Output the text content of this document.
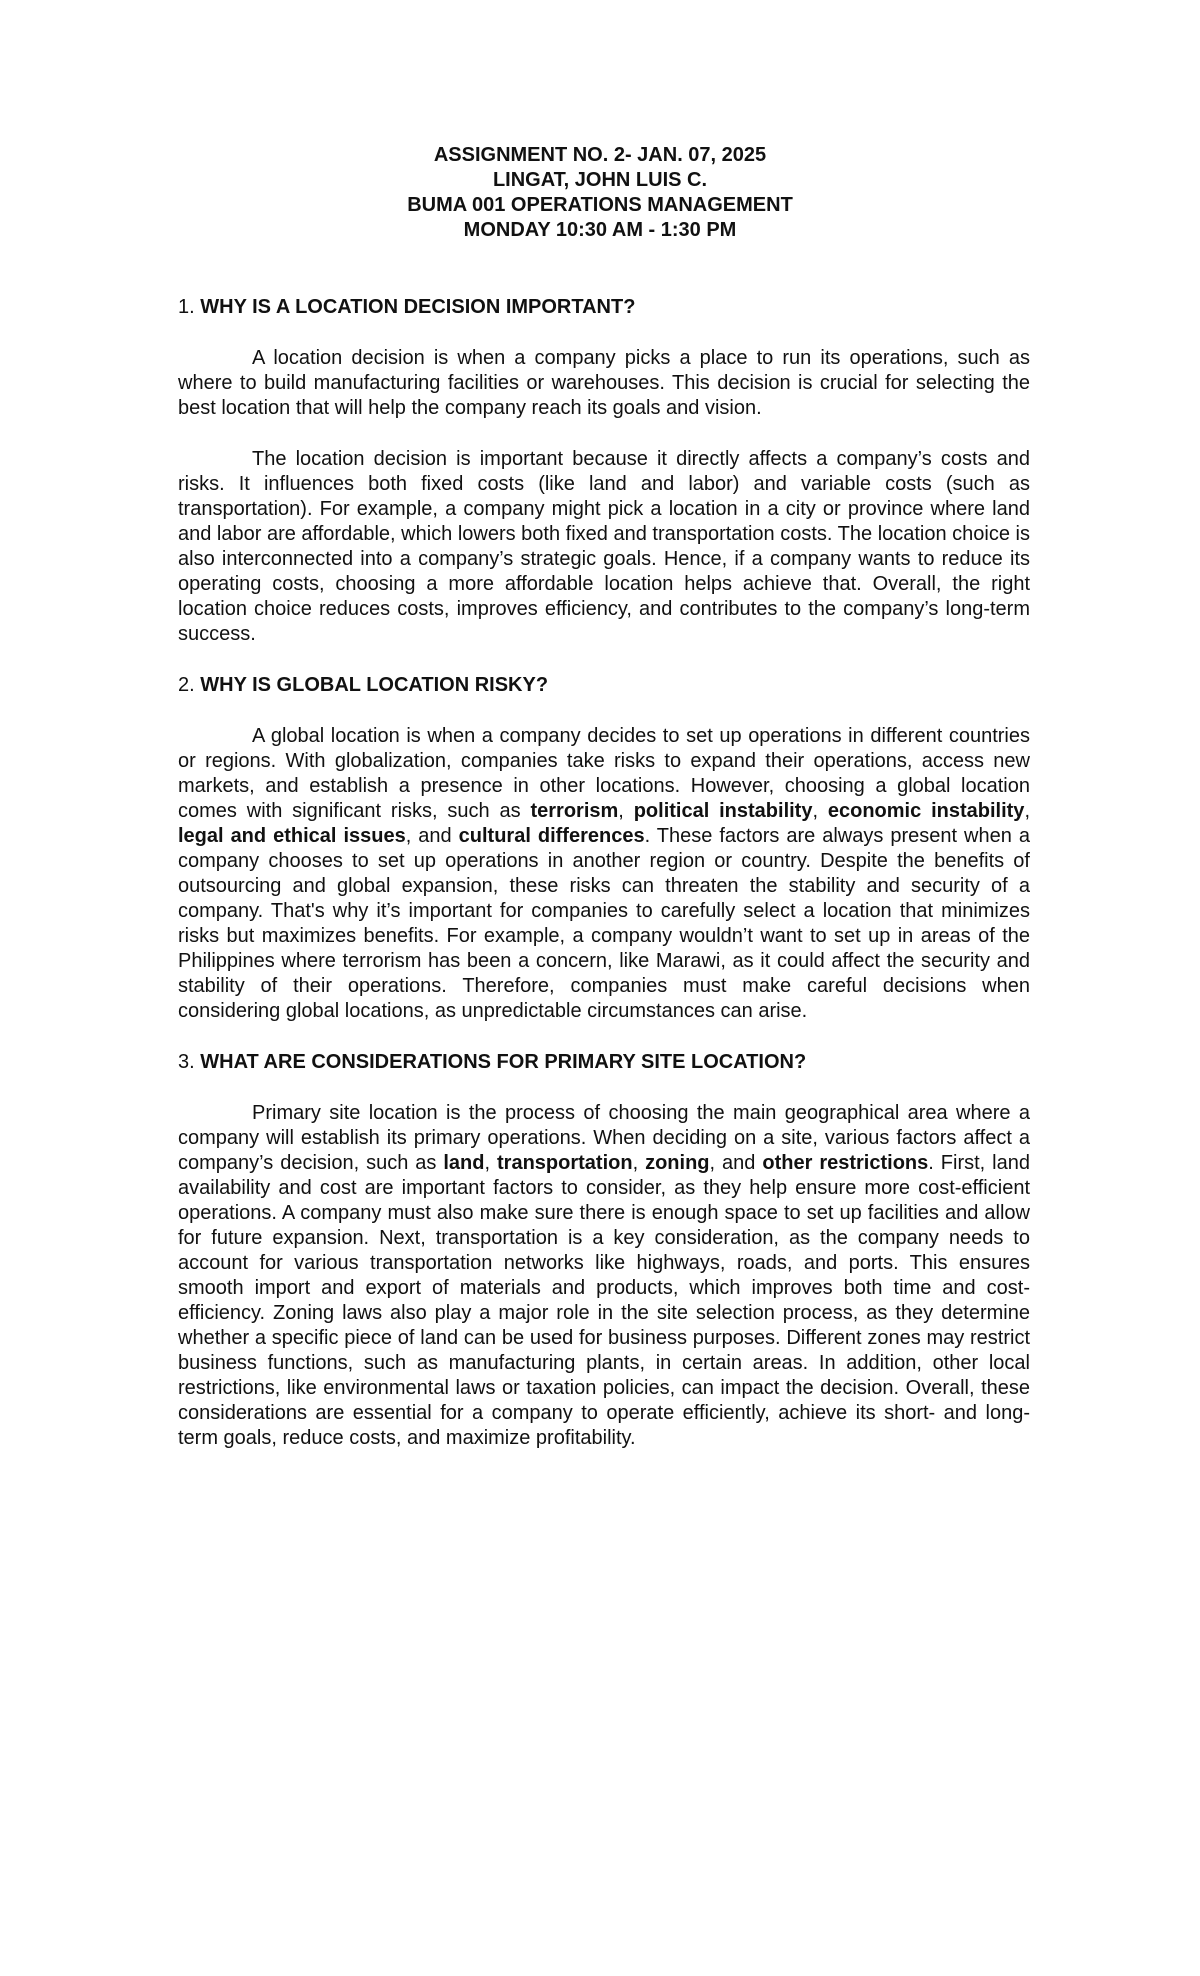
ASSIGNMENT NO. 2- JAN. 07, 2025
LINGAT, JOHN LUIS C.
BUMA 001 OPERATIONS MANAGEMENT
MONDAY 10:30 AM - 1:30 PM
1. WHY IS A LOCATION DECISION IMPORTANT?

A location decision is when a company picks a place to run its operations, such as where to build manufacturing facilities or warehouses. This decision is crucial for selecting the best location that will help the company reach its goals and vision.

The location decision is important because it directly affects a company’s costs and risks. It influences both fixed costs (like land and labor) and variable costs (such as transportation). For example, a company might pick a location in a city or province where land and labor are affordable, which lowers both fixed and transportation costs. The location choice is also interconnected into a company’s strategic goals. Hence, if a company wants to reduce its operating costs, choosing a more affordable location helps achieve that. Overall, the right location choice reduces costs, improves efficiency, and contributes to the company’s long-term success.

2. WHY IS GLOBAL LOCATION RISKY?

A global location is when a company decides to set up operations in different countries or regions. With globalization, companies take risks to expand their operations, access new markets, and establish a presence in other locations. However, choosing a global location comes with significant risks, such as terrorism, political instability, economic instability, legal and ethical issues, and cultural differences. These factors are always present when a company chooses to set up operations in another region or country. Despite the benefits of outsourcing and global expansion, these risks can threaten the stability and security of a company. That's why it’s important for companies to carefully select a location that minimizes risks but maximizes benefits. For example, a company wouldn’t want to set up in areas of the Philippines where terrorism has been a concern, like Marawi, as it could affect the security and stability of their operations. Therefore, companies must make careful decisions when considering global locations, as unpredictable circumstances can arise.

3. WHAT ARE CONSIDERATIONS FOR PRIMARY SITE LOCATION?

Primary site location is the process of choosing the main geographical area where a company will establish its primary operations. When deciding on a site, various factors affect a company’s decision, such as land, transportation, zoning, and other restrictions. First, land availability and cost are important factors to consider, as they help ensure more cost-efficient operations. A company must also make sure there is enough space to set up facilities and allow for future expansion. Next, transportation is a key consideration, as the company needs to account for various transportation networks like highways, roads, and ports. This ensures smooth import and export of materials and products, which improves both time and cost-efficiency. Zoning laws also play a major role in the site selection process, as they determine whether a specific piece of land can be used for business purposes. Different zones may restrict business functions, such as manufacturing plants, in certain areas. In addition, other local restrictions, like environmental laws or taxation policies, can impact the decision. Overall, these considerations are essential for a company to operate efficiently, achieve its short- and long-term goals, reduce costs, and maximize profitability.
